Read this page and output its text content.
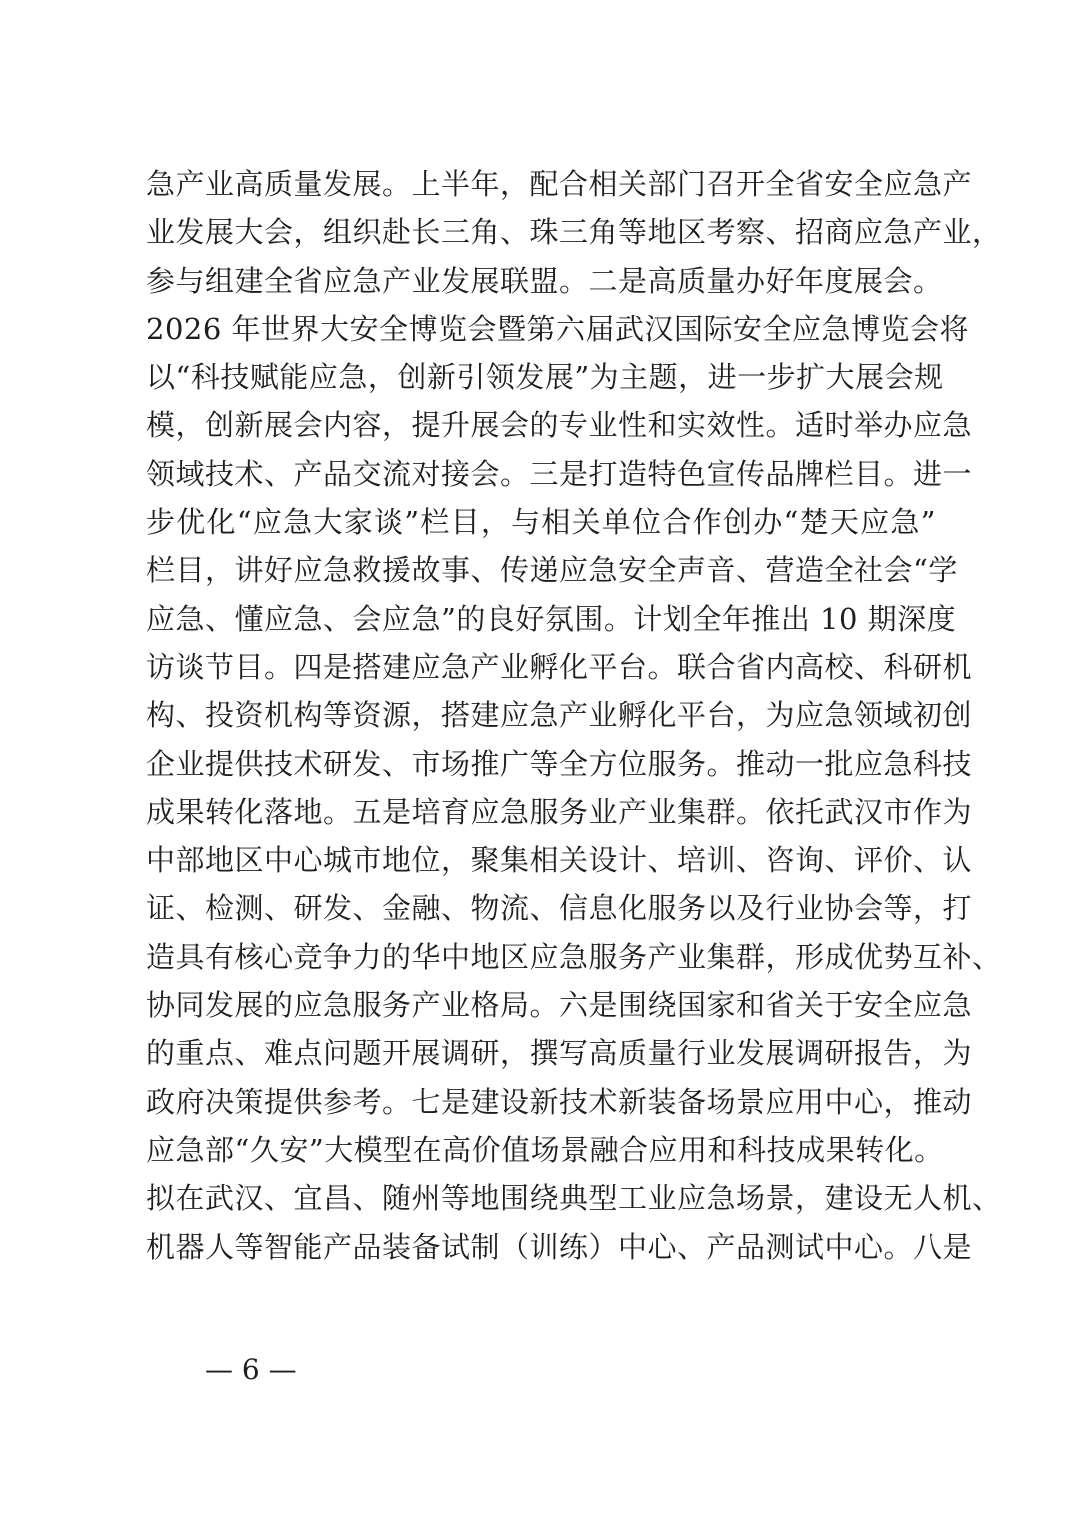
急产业高质量发展。上半年，配合相关部门召开全省安全应急产
业发展大会，组织赴长三角、珠三角等地区考察、招商应急产业，
参与组建全省应急产业发展联盟。二是高质量办好年度展会。
2026 年世界大安全博览会暨第六届武汉国际安全应急博览会将
以“科技赋能应急，创新引领发展”为主题，进一步扩大展会规
模，创新展会内容，提升展会的专业性和实效性。适时举办应急
领域技术、产品交流对接会。三是打造特色宣传品牌栏目。进一
步优化“应急大家谈”栏目，与相关单位合作创办“楚天应急”
栏目，讲好应急救援故事、传递应急安全声音、营造全社会“学
应急、懂应急、会应急”的良好氛围。计划全年推出 10 期深度
访谈节目。四是搭建应急产业孵化平台。联合省内高校、科研机
构、投资机构等资源，搭建应急产业孵化平台，为应急领域初创
企业提供技术研发、市场推广等全方位服务。推动一批应急科技
成果转化落地。五是培育应急服务业产业集群。依托武汉市作为
中部地区中心城市地位，聚集相关设计、培训、咨询、评价、认
证、检测、研发、金融、物流、信息化服务以及行业协会等，打
造具有核心竞争力的华中地区应急服务产业集群，形成优势互补、
协同发展的应急服务产业格局。六是围绕国家和省关于安全应急
的重点、难点问题开展调研，撰写高质量行业发展调研报告，为
政府决策提供参考。七是建设新技术新装备场景应用中心，推动
应急部“久安”大模型在高价值场景融合应用和科技成果转化。
拟在武汉、宜昌、随州等地围绕典型工业应急场景，建设无人机、
机器人等智能产品装备试制（训练）中心、产品测试中心。八是
— 6 —
